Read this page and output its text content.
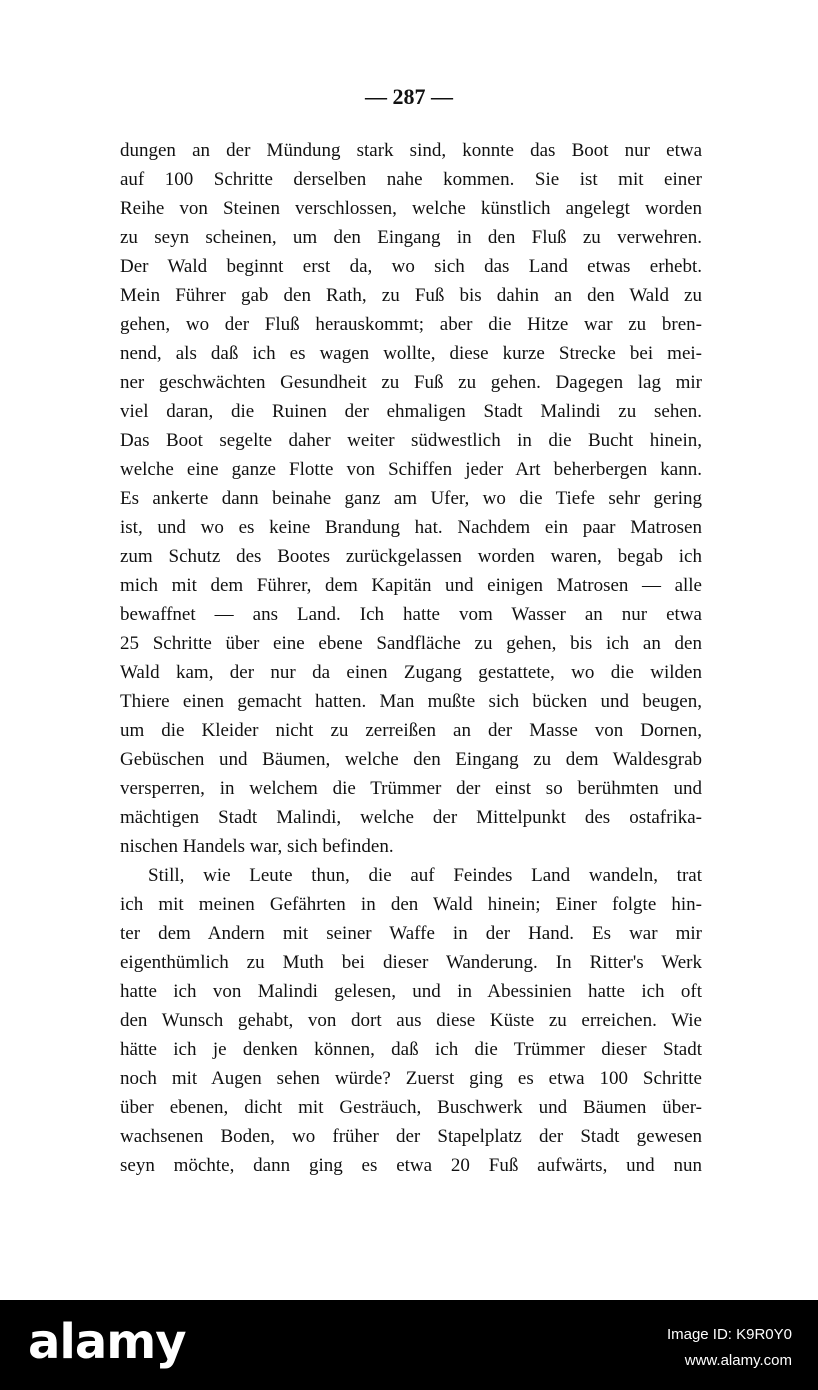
— 287 —
dungen an der Mündung stark sind, konnte das Boot nur etwa
auf 100 Schritte derselben nahe kommen. Sie ist mit einer
Reihe von Steinen verschlossen, welche künstlich angelegt worden
zu seyn scheinen, um den Eingang in den Fluß zu verwehren.
Der Wald beginnt erst da, wo sich das Land etwas erhebt.
Mein Führer gab den Rath, zu Fuß bis dahin an den Wald zu
gehen, wo der Fluß herauskommt; aber die Hitze war zu bren-
nend, als daß ich es wagen wollte, diese kurze Strecke bei mei-
ner geschwächten Gesundheit zu Fuß zu gehen. Dagegen lag mir
viel daran, die Ruinen der ehmaligen Stadt Malindi zu sehen.
Das Boot segelte daher weiter südwestlich in die Bucht hinein,
welche eine ganze Flotte von Schiffen jeder Art beherbergen kann.
Es ankerte dann beinahe ganz am Ufer, wo die Tiefe sehr gering
ist, und wo es keine Brandung hat. Nachdem ein paar Matrosen
zum Schutz des Bootes zurückgelassen worden waren, begab ich
mich mit dem Führer, dem Kapitän und einigen Matrosen — alle
bewaffnet — ans Land. Ich hatte vom Wasser an nur etwa
25 Schritte über eine ebene Sandfläche zu gehen, bis ich an den
Wald kam, der nur da einen Zugang gestattete, wo die wilden
Thiere einen gemacht hatten. Man mußte sich bücken und beugen,
um die Kleider nicht zu zerreißen an der Masse von Dornen,
Gebüschen und Bäumen, welche den Eingang zu dem Waldesgrab
versperren, in welchem die Trümmer der einst so berühmten und
mächtigen Stadt Malindi, welche der Mittelpunkt des ostafrika-
nischen Handels war, sich befinden.
Still, wie Leute thun, die auf Feindes Land wandeln, trat
ich mit meinen Gefährten in den Wald hinein; Einer folgte hin-
ter dem Andern mit seiner Waffe in der Hand. Es war mir
eigenthümlich zu Muth bei dieser Wanderung. In Ritter's Werk
hatte ich von Malindi gelesen, und in Abessinien hatte ich oft
den Wunsch gehabt, von dort aus diese Küste zu erreichen. Wie
hätte ich je denken können, daß ich die Trümmer dieser Stadt
noch mit Augen sehen würde? Zuerst ging es etwa 100 Schritte
über ebenen, dicht mit Gesträuch, Buschwerk und Bäumen über-
wachsenen Boden, wo früher der Stapelplatz der Stadt gewesen
seyn möchte, dann ging es etwa 20 Fuß aufwärts, und nun
alamy	Image ID: K9R0Y0
www.alamy.com
